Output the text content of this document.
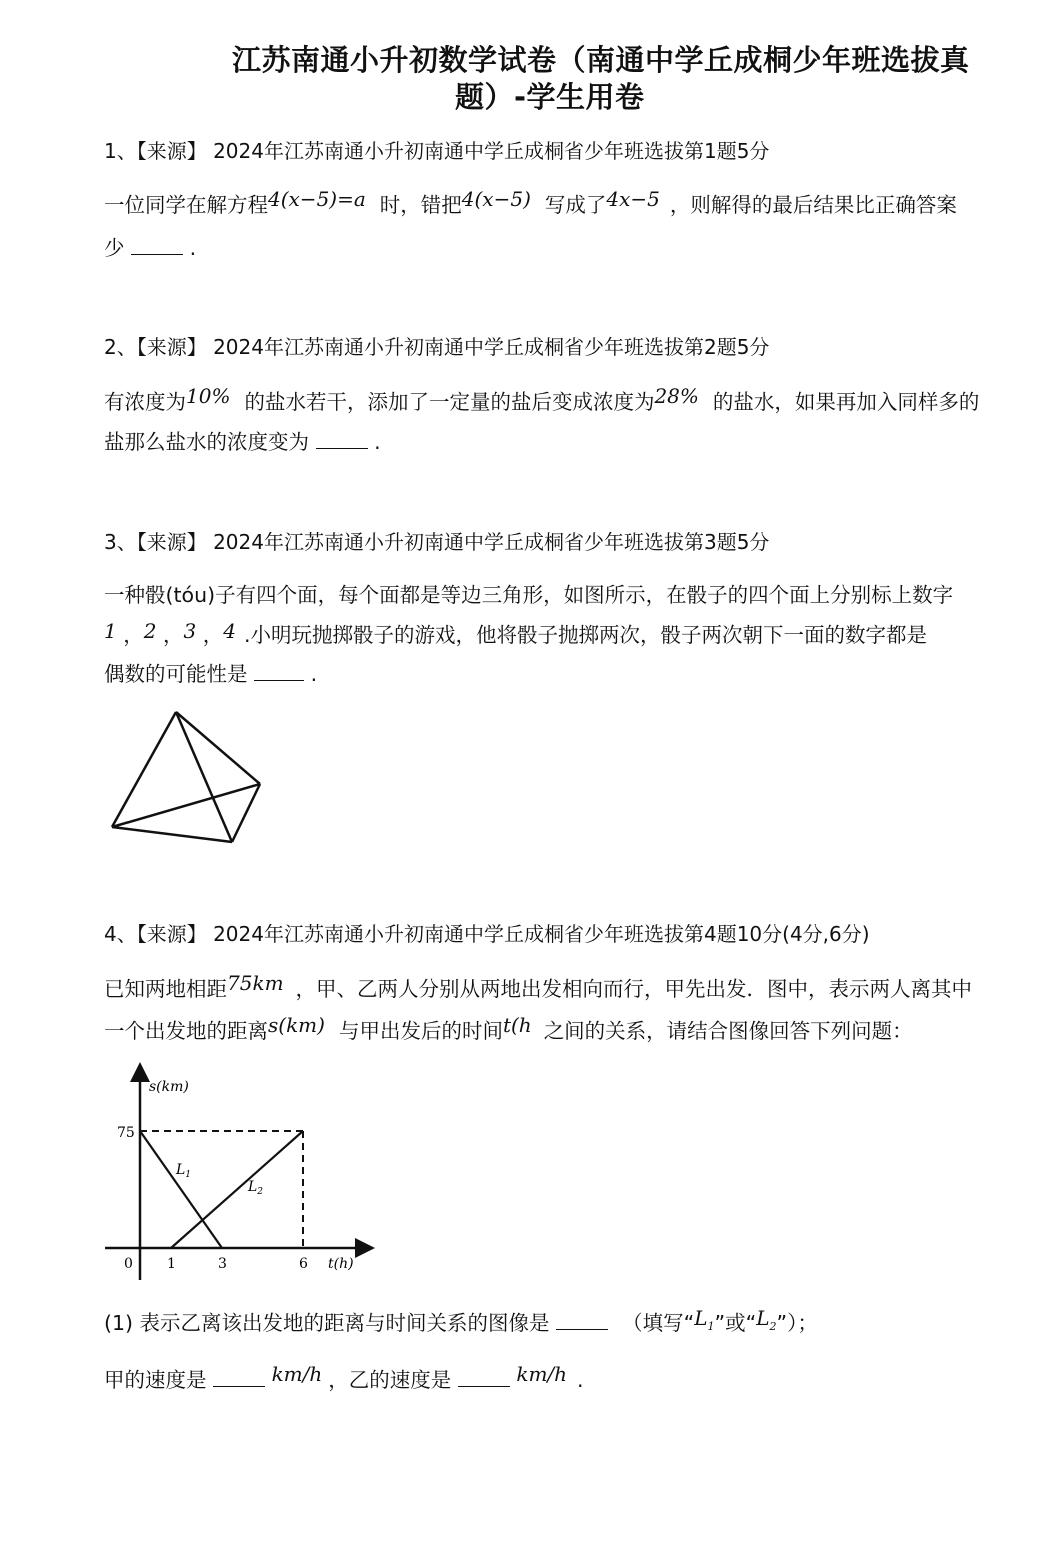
江苏南通小升初数学试卷（南通中学丘成桐少年班选拔真
题）-学生用卷
1、【来源】 2024年江苏南通小升初南通中学丘成桐省少年班选拔第1题5分
一位同学在解方程4(x−5)=a 时，错把4(x−5) 写成了4x−5 ，则解得的最后结果比正确答案
少	.
2、【来源】 2024年江苏南通小升初南通中学丘成桐省少年班选拔第2题5分
有浓度为10% 的盐水若干，添加了一定量的盐后变成浓度为28% 的盐水，如果再加入同样多的
盐那么盐水的浓度变为	.
3、【来源】 2024年江苏南通小升初南通中学丘成桐省少年班选拔第3题5分
一种骰(tóu)子有四个面，每个面都是等边三角形，如图所示，在骰子的四个面上分别标上数字
1 ，2 ，3 ，4 .小明玩抛掷骰子的游戏，他将骰子抛掷两次，骰子两次朝下一面的数字都是
偶数的可能性是	.
4、【来源】 2024年江苏南通小升初南通中学丘成桐省少年班选拔第4题10分(4分,6分)
已知两地相距75km ，甲、乙两人分别从两地出发相向而行，甲先出发．图中，表示两人离其中
一个出发地的距离s(km) 与甲出发后的时间t(h 之间的关系，请结合图像回答下列问题：
s(km)
t(h)
75
0 1	3	6
$L_1$
$L_2$
(1) 表示乙离该出发地的距离与时间关系的图像是	（填写“$L_1$”或“$L_2$”）；
甲的速度是	km/h ，乙的速度是	km/h .
